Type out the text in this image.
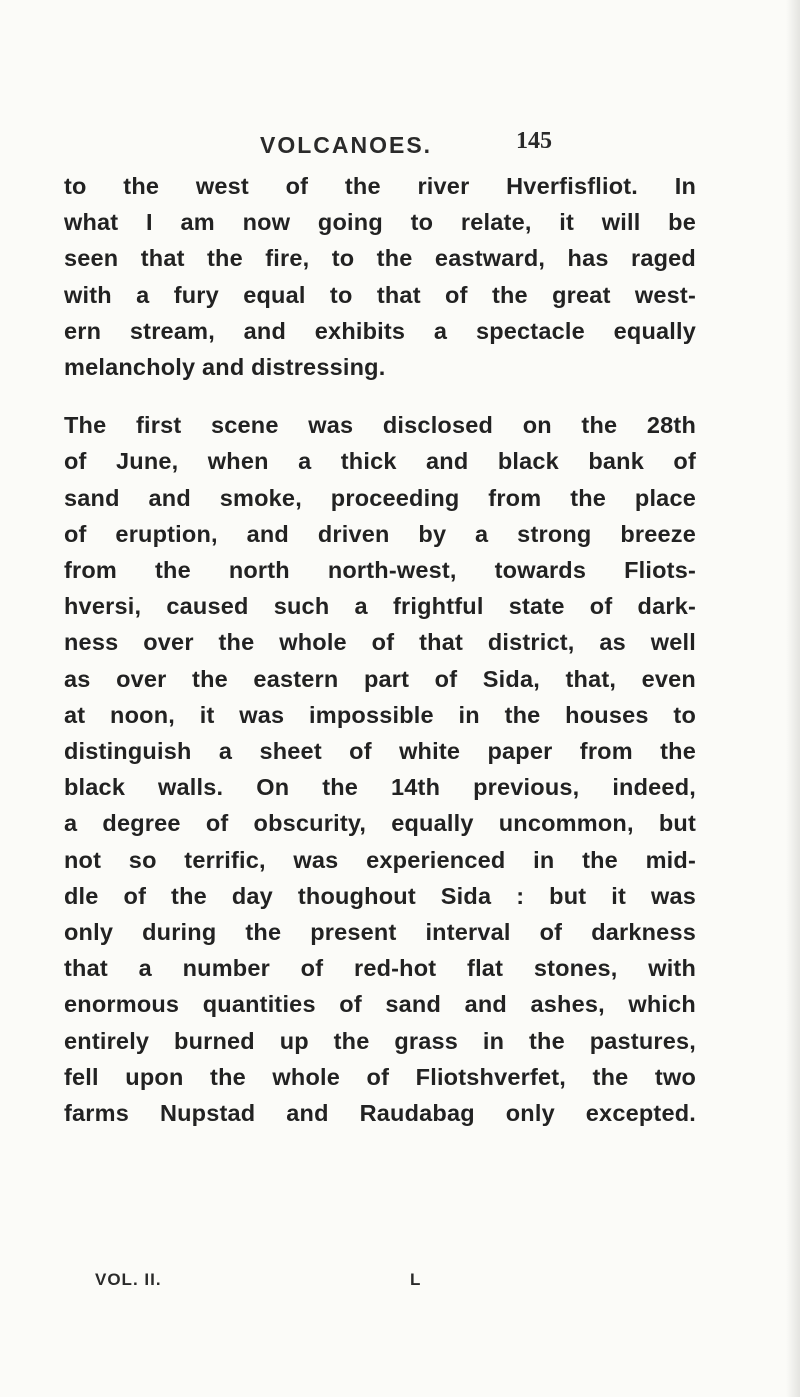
VOLCANOES.	145
to the west of the river Hverfisfliot. In
what I am now going to relate, it will be
seen that the fire, to the eastward, has raged
with a fury equal to that of the great west-
ern stream, and exhibits a spectacle equally
melancholy and distressing.
The first scene was disclosed on the 28th
of June, when a thick and black bank of
sand and smoke, proceeding from the place
of eruption, and driven by a strong breeze
from the north north-west, towards Fliots-
hversi, caused such a frightful state of dark-
ness over the whole of that district, as well
as over the eastern part of Sida, that, even
at noon, it was impossible in the houses to
distinguish a sheet of white paper from the
black walls. On the 14th previous, indeed,
a degree of obscurity, equally uncommon, but
not so terrific, was experienced in the mid-
dle of the day thoughout Sida : but it was
only during the present interval of darkness
that a number of red-hot flat stones, with
enormous quantities of sand and ashes, which
entirely burned up the grass in the pastures,
fell upon the whole of Fliotshverfet, the two
farms Nupstad and Raudabag only excepted.
VOL. II.	L
